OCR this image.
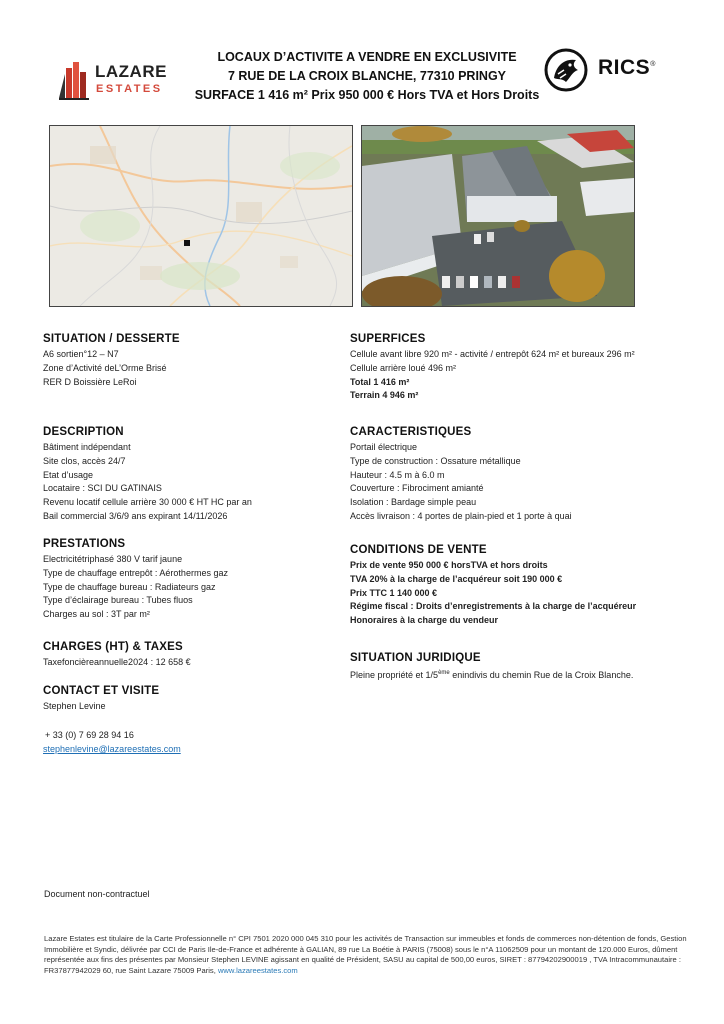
LAZARE
ESTATES
LOCAUX D’ACTIVITE A VENDRE EN EXCLUSIVITE
7 RUE DE LA CROIX BLANCHE, 77310 PRINGY
SURFACE 1 416 m² Prix 950 000 € Hors TVA et Hors Droits
RICS®
SITUATION / DESSERTE
A6 sortien°12 – N7
Zone d’Activité deL’Orme Brisé
RER D Boissière LeRoi
DESCRIPTION
Bâtiment indépendant
Site clos, accès 24/7
Etat d’usage
Locataire : SCI DU GATINAIS
Revenu locatif cellule arrière 30 000 € HT HC par an
Bail commercial 3/6/9 ans expirant 14/11/2026
PRESTATIONS
Electricitétriphasé 380 V tarif jaune
Type de chauffage entrepôt : Aérothermes gaz
Type de chauffage bureau : Radiateurs gaz
Type d’éclairage bureau : Tubes fluos
Charges au sol : 3T par m²
CHARGES (HT) & TAXES
Taxefoncièreannuelle2024 : 12 658 €
CONTACT ET VISITE
Stephen Levine
+ 33 (0) 7 69 28 94 16
stephenlevine@lazareestates.com
SUPERFICES
Cellule avant libre 920 m² - activité / entrepôt 624 m² et bureaux 296 m²
Cellule arrière loué 496 m²
Total 1 416 m²
Terrain 4 946 m²
CARACTERISTIQUES
Portail électrique
Type de construction : Ossature métallique
Hauteur : 4.5 m à 6.0 m
Couverture : Fibrociment amianté
Isolation : Bardage simple peau
Accès livraison : 4 portes de plain-pied et 1 porte à quai
CONDITIONS DE VENTE
Prix de vente 950 000 € horsTVA et hors droits
TVA 20% à la charge de l’acquéreur soit 190 000 €
Prix TTC 1 140 000 €
Régime fiscal : Droits d’enregistrements à la charge de l’acquéreur
Honoraires à la charge du vendeur
SITUATION JURIDIQUE
Pleine propriété et 1/5ème enindivis du chemin Rue de la Croix Blanche.
Document non-contractuel
Lazare Estates est titulaire de la Carte Professionnelle n° CPI 7501 2020 000 045 310 pour les activités de Transaction sur immeubles et fonds de commerces non-détention de fonds, Gestion Immobilière et Syndic, délivrée par CCI de Paris Ile-de-France et adhérente à GALIAN, 89 rue La Boétie à PARIS (75008) sous le n°A 11062509 pour un montant de 120.000 Euros, dûment représentée aux fins des présentes par Monsieur Stephen LEVINE agissant en qualité de Président, SASU au capital de 500,00 euros, SIRET : 87794202900019 , TVA Intracommunautaire : FR37877942029 60, rue Saint Lazare 75009 Paris, www.lazareestates.com
